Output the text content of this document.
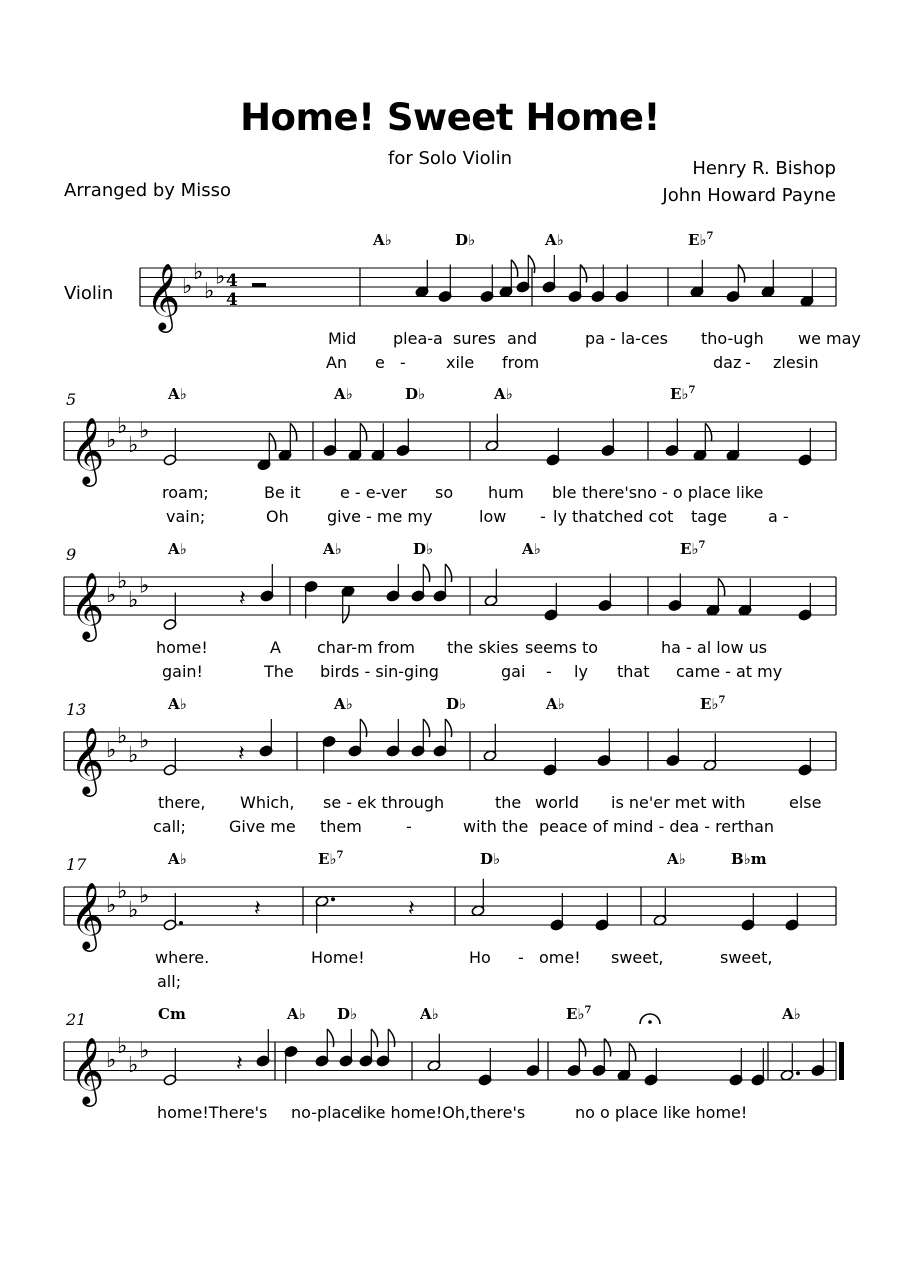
Home! Sweet Home!
for Solo Violin
Arranged by Misso
Henry R. Bishop
John Howard Payne
Violin 𝄞 ♭
♭
♭
♭ 4
4
A♭	D♭	A♭	E♭$^7$
Mid plea-a sures and	pa - la-ces tho-ugh we may
An e -	xile from	daz - zles in
𝄞 ♭
♭
♭
♭
5	A♭	A♭	D♭	A♭	E♭$^7$
roam;	Be it e - e-ver so hum ble there's no - o place like
vain;	Oh give - me my	low - ly thatched cot tage	a -
𝄞 ♭
♭
♭
♭
𝄽
9	A♭	A♭	D♭	A♭	E♭$^7$
home!	A char-m from the skies seems to	ha - al low us
gain!	The birds - sin-ging	gai - ly that came - at my
𝄞 ♭
♭
♭
♭
𝄽
13	A♭	A♭	D♭	A♭	E♭$^7$
there, Which, se - ek through	the world is ne'er met with	else
call;	Give me them	-	with the peace of mind - dea - rerthan
𝄞 ♭
♭
♭
♭
𝄽	𝄽
17	A♭	E♭$^7$	D♭	A♭	B♭m
where.	Home!	Ho - ome! sweet,	sweet,
all;
𝄞 ♭
♭
♭
♭
𝄽
21	Cm	A♭ D♭	A♭	E♭$^7$	A♭
home!There's no-place
like home!Oh,there's	no o place like home!
